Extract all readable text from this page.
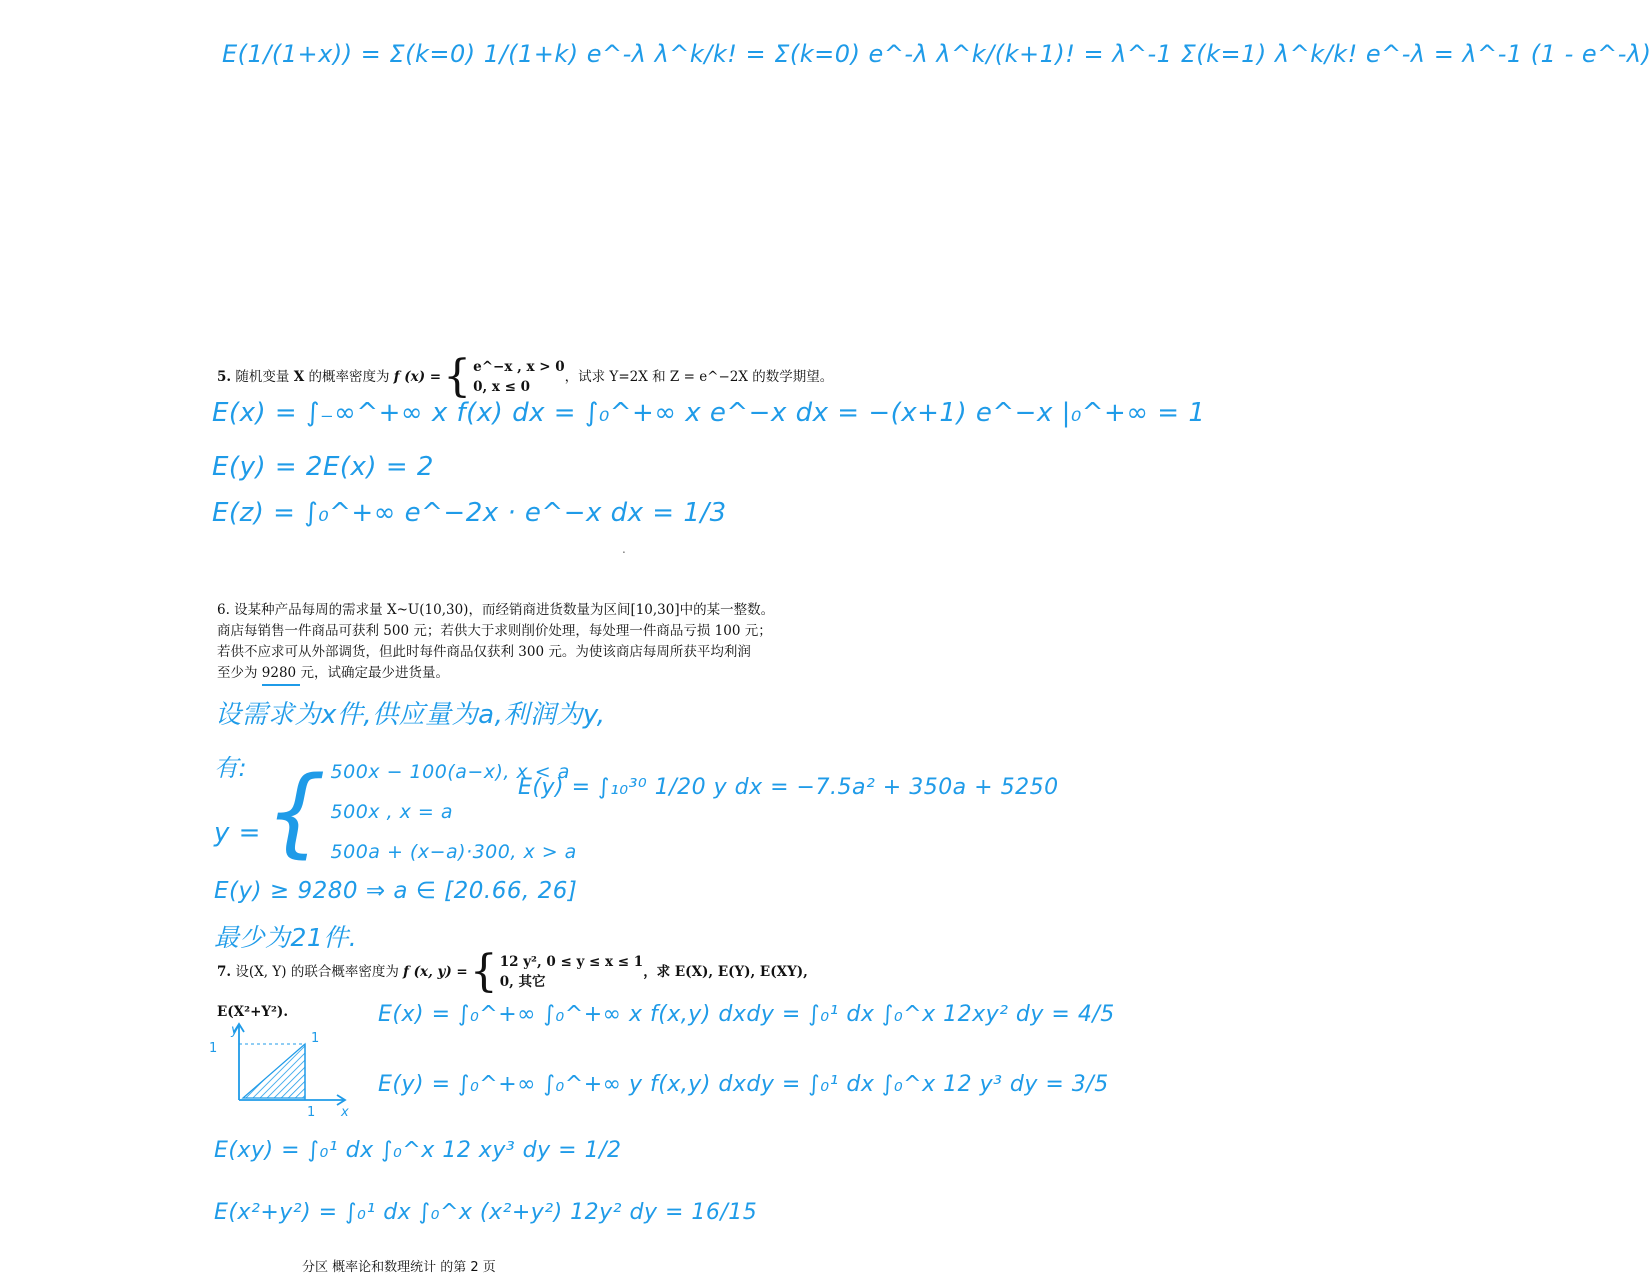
E(1/(1+x)) = Σ(k=0) 1/(1+k) e^-λ λ^k/k! = Σ(k=0) e^-λ λ^k/(k+1)! = λ^-1 Σ(k=1) λ^k/k! e^-λ = λ^-1 (1 - e^-λ)
5.
随机变量
X
的概率密度为
f (x) = { e^−x , x > 0
0, x ≤ 0
，试求 Y=2X 和 Z = e^−2X 的数学期望。
E(x) = ∫₋∞^+∞ x f(x) dx = ∫₀^+∞ x e^−x dx = −(x+1) e^−x |₀^+∞ = 1
E(y) = 2E(x) = 2
E(z) = ∫₀^+∞ e^−2x · e^−x dx = 1/3
.
6. 设某种产品每周的需求量 X~U(10,30)，而经销商进货数量为区间[10,30]中的某一整数。
商店每销售一件商品可获利 500 元；若供大于求则削价处理，每处理一件商品亏损 100 元；
若供不应求可从外部调货，但此时每件商品仅获利 300 元。为使该商店每周所获平均利润
至少为 9280 元，试确定最少进货量。
设需求为x件,供应量为a,利润为y,
有:
y = { 500x − 100(a−x), x < a
500x , x = a
500a + (x−a)·300, x > a
E(y) = ∫₁₀³⁰ 1/20 y dx = −7.5a² + 350a + 5250
E(y) ≥ 9280 ⇒ a ∈ [20.66, 26]
最少为21件.
7.
设(X, Y) 的联合概率密度为
f (x, y) = { 12 y², 0 ≤ y ≤ x ≤ 1
0, 其它
，求 E(X), E(Y), E(XY),
E(X²+Y²).
y
x
1
1
1
E(x) = ∫₀^+∞ ∫₀^+∞ x f(x,y) dxdy = ∫₀¹ dx ∫₀^x 12xy² dy = 4/5
E(y) = ∫₀^+∞ ∫₀^+∞ y f(x,y) dxdy = ∫₀¹ dx ∫₀^x 12 y³ dy = 3/5
E(xy) = ∫₀¹ dx ∫₀^x 12 xy³ dy = 1/2
E(x²+y²) = ∫₀¹ dx ∫₀^x (x²+y²) 12y² dy = 16/15
分区 概率论和数理统计 的第 2 页
